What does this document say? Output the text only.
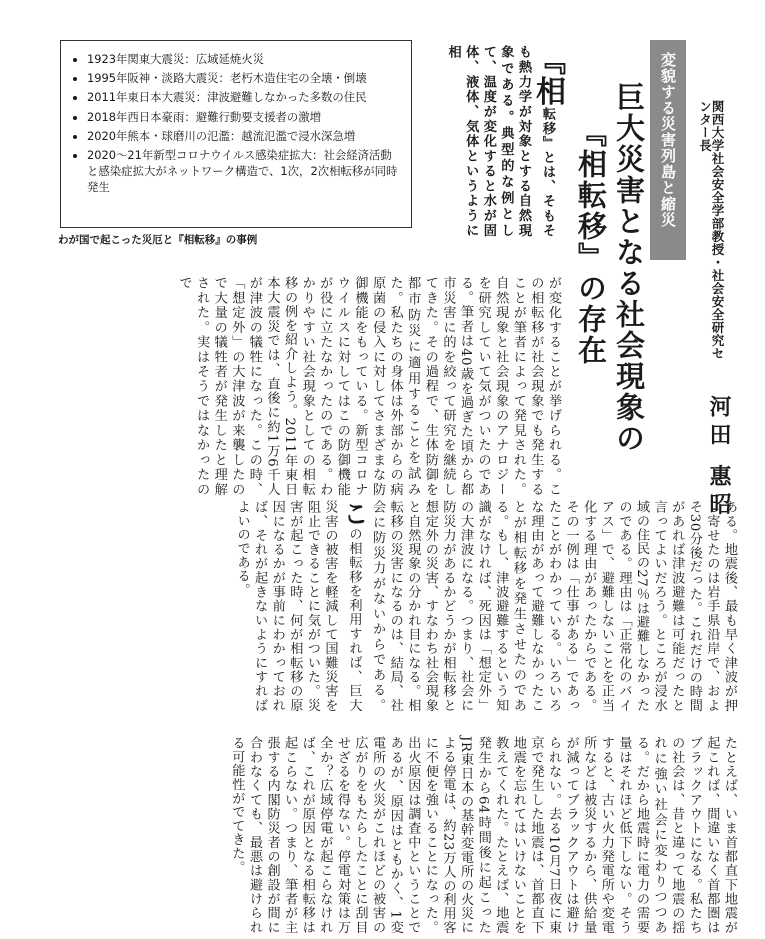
関西大学社会安全学部教授・社会安全研究センター長
河田 惠昭
変貌する災害列島と縮災68
巨大災害となる社会現象の
『相転移』の存在
『相転移』とは、そもそも熱力学が対象とする自然現象である。典型的な例として、温度が変化すると水が固体、液体、気体というように相
• 1923年関東大震災：広域延焼火災
• 1995年阪神・淡路大震災：老朽木造住宅の全壊・倒壊
• 2011年東日本大震災：津波避難しなかった多数の住民
• 2018年西日本豪雨：避難行動要支援者の激増
• 2020年熊本・球磨川の氾濫：越流氾濫で浸水深急増
• 2020～21年新型コロナウイルス感染症拡大：社会経済活動と感染症拡大がネットワーク構造で、1次，2次相転移が同時発生
わが国で起こった災厄と『相転移』の事例
が変化することが挙げられる。この相転移が社会現象でも発生することが筆者によって発見された。自然現象と社会現象のアナロジーを研究していて気がついたのである。筆者は40歳を過ぎた頃から都市災害に的を絞って研究を継続してきた。その過程で、生体防御を都市防災に適用することを試みた。私たちの身体は外部からの病原菌の侵入に対してさまざまな防御機能をもっている。新型コロナウイルスに対してはこの防御機能が役に立たなかったのである。わかりやすい社会現象としての相転移の例を紹介しよう。2011年東日本大震災では、直後に約1万6千人が津波の犠牲になった。この時、「想定外」の大津波が来襲したので大量の犠牲者が発生したと理解された。実はそうではなかったので
ある。地震後、最も早く津波が押し寄せたのは岩手県沿岸で、およそ30分後だった。これだけの時間があれば津波避難は可能だったと言ってよいだろう。ところが浸水域の住民の27％は避難しなかったのである。理由は「正常化のバイアス」で、避難しないことを正当化する理由があったからである。その一例は「仕事がある」であったことがわかっている。いろいろな理由があって避難しなかったことが相転移を発生させたのである。もし、津波避難するという知識がなければ、死因は「想定外」の大津波になる。つまり、社会に防災力があるかどうかが相転移と想定外の災害、すなわち社会現象と自然現象の分かれ目になる。相転移の災害になるのは、結局、社会に防災力がないからである。この相転移を利用すれば、巨大災害の被害を軽減して国難災害を阻止できることに気がついた。災害が起こった時、何が相転移の原因になるかが事前にわかっておれば、それが起きないようにすればよいのである。
たとえば、いま首都直下地震が起これば、間違いなく首都圏はブラックアウトになる。私たちの社会は、昔と違って地震の揺れに強い社会に変わりつつある。だから地震時に電力の需要量はそれほど低下しない。そうすると、古い火力発電所や変電所などは被災するから、供給量が減ってブラックアウトは避けられない。去る10月7日夜に東京で発生した地震は、首都直下地震を忘れてはいけないことを教えてくれた。たとえば、地震発生から64時間後に起こったJR東日本の基幹変電所の火災による停電は、約23万人の利用客に不便を強いることになった。出火原因は調査中ということであるが、原因はともかく、1変電所の火災がこれほどの被害の広がりをもたらしたことに刮目せざるを得ない。停電対策は万全か？広域停電が起こらなければ、これが原因となる相転移は起こらない。つまり、筆者が主張する内閣防災者の創設が間に合わなくても、最悪は避けられる可能性がでてきた。
